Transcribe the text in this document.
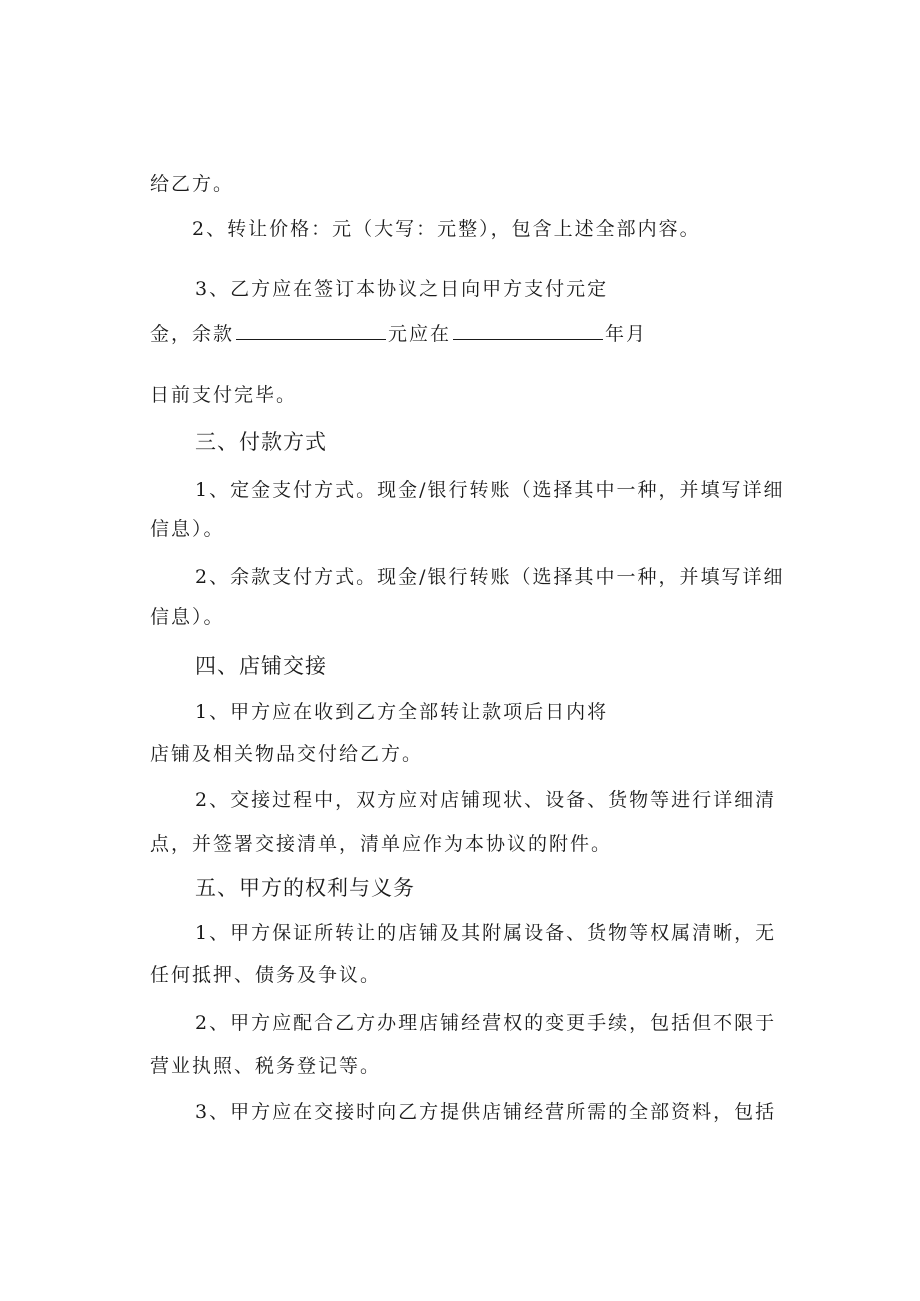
给乙方。
2、转让价格：元（大写：元整），包含上述全部内容。
3、乙方应在签订本协议之日向甲方支付元定
金，余款	元应在	年月
日前支付完毕。
三、付款方式
1、定金支付方式。现金/银行转账（选择其中一种，并填写详细
信息）。
2、余款支付方式。现金/银行转账（选择其中一种，并填写详细
信息）。
四、店铺交接
1、甲方应在收到乙方全部转让款项后日内将
店铺及相关物品交付给乙方。
2、交接过程中，双方应对店铺现状、设备、货物等进行详细清
点，并签署交接清单，清单应作为本协议的附件。
五、甲方的权利与义务
1、甲方保证所转让的店铺及其附属设备、货物等权属清晰，无
任何抵押、债务及争议。
2、甲方应配合乙方办理店铺经营权的变更手续，包括但不限于
营业执照、税务登记等。
3、甲方应在交接时向乙方提供店铺经营所需的全部资料，包括
